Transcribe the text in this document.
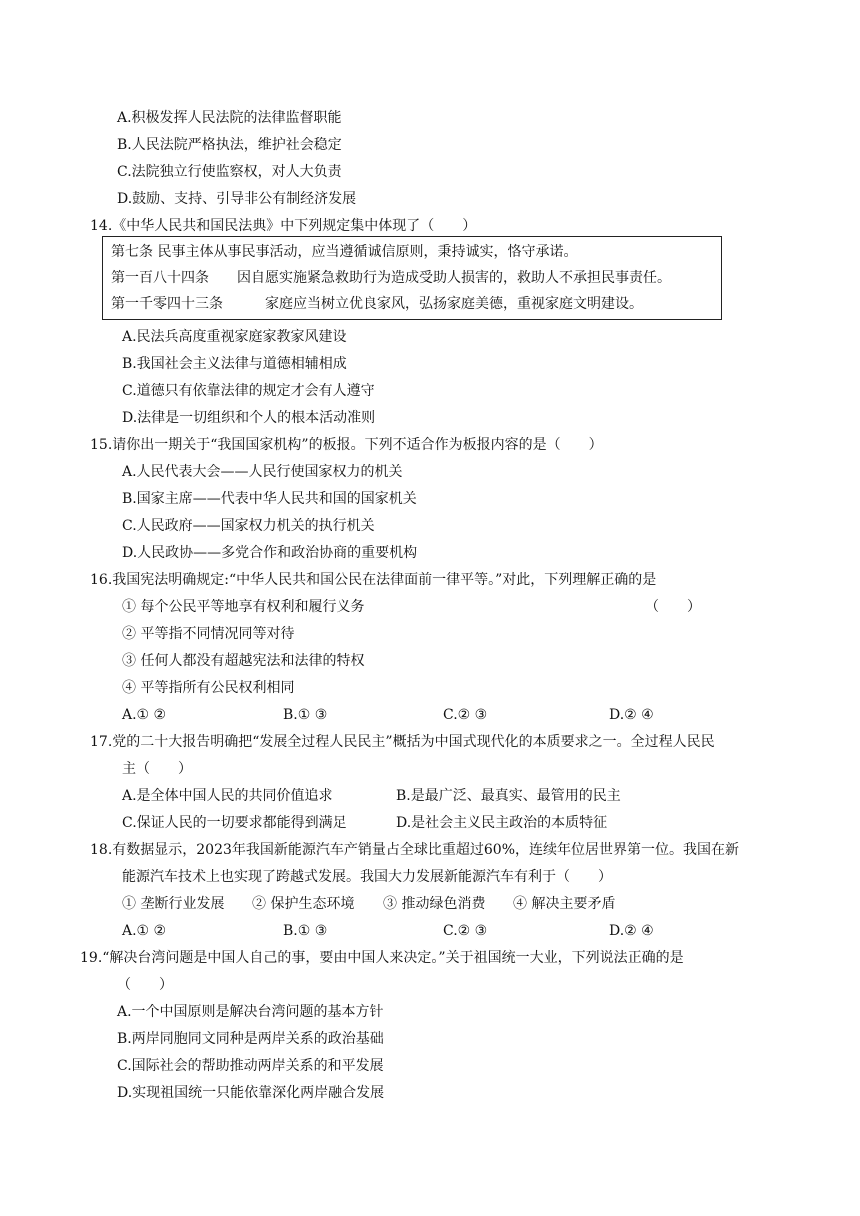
A.积极发挥人民法院的法律监督职能
B.人民法院严格执法，维护社会稳定
C.法院独立行使监察权，对人大负责
D.鼓励、支持、引导非公有制经济发展
14.《中华人民共和国民法典》中下列规定集中体现了（　　）
第七条 民事主体从事民事活动，应当遵循诚信原则，秉持诚实，恪守承诺。
第一百八十四条　　因自愿实施紧急救助行为造成受助人损害的，救助人不承担民事责任。
第一千零四十三条　　　家庭应当树立优良家风，弘扬家庭美德，重视家庭文明建设。
A.民法兵高度重视家庭家教家风建设
B.我国社会主义法律与道德相辅相成
C.道德只有依靠法律的规定才会有人遵守
D.法律是一切组织和个人的根本活动准则
15.请你出一期关于“我国国家机构”的板报。下列不适合作为板报内容的是（　　）
A.人民代表大会——人民行使国家权力的机关
B.国家主席——代表中华人民共和国的国家机关
C.人民政府——国家权力机关的执行机关
D.人民政协——多党合作和政治协商的重要机构
16.我国宪法明确规定:“中华人民共和国公民在法律面前一律平等。”对此，下列理解正确的是
① 每个公民平等地享有权利和履行义务	（　　）
② 平等指不同情况同等对待
③ 任何人都没有超越宪法和法律的特权
④ 平等指所有公民权利相同
A.① ②	B.① ③	C.② ③	D.② ④
17.党的二十大报告明确把“发展全过程人民民主”概括为中国式现代化的本质要求之一。全过程人民民
主（　　）
A.是全体中国人民的共同价值追求	B.是最广泛、最真实、最管用的民主
C.保证人民的一切要求都能得到满足	D.是社会主义民主政治的本质特征
18.有数据显示，2023年我国新能源汽车产销量占全球比重超过60%，连续年位居世界第一位。我国在新
能源汽车技术上也实现了跨越式发展。我国大力发展新能源汽车有利于（　　）
① 垄断行业发展 ② 保护生态环境 ③ 推动绿色消费 ④ 解决主要矛盾
A.① ②	B.① ③	C.② ③	D.② ④
19.“解决台湾问题是中国人自己的事，要由中国人来决定。”关于祖国统一大业，下列说法正确的是
（　　）
A.一个中国原则是解决台湾问题的基本方针
B.两岸同胞同文同种是两岸关系的政治基础
C.国际社会的帮助推动两岸关系的和平发展
D.实现祖国统一只能依靠深化两岸融合发展
